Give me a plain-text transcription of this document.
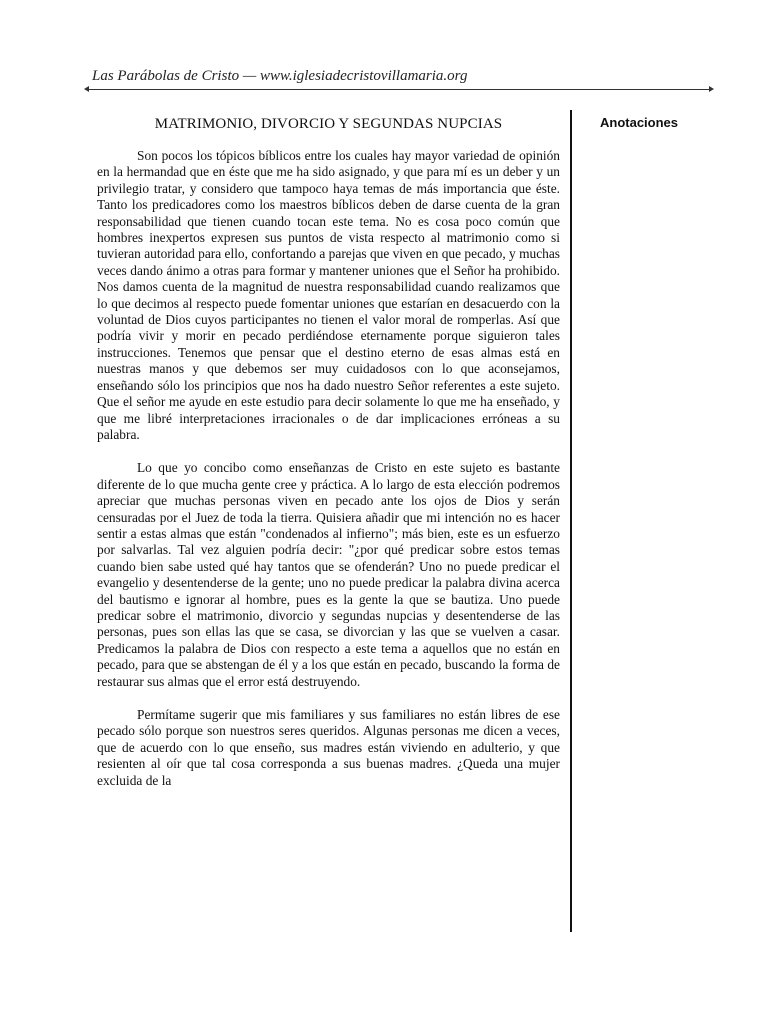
Las Parábolas de Cristo — www.iglesiadecristovillamaria.org
MATRIMONIO, DIVORCIO Y SEGUNDAS NUPCIAS

Son pocos los tópicos bíblicos entre los cuales hay mayor variedad de opinión en la hermandad que en éste que me ha sido asignado, y que para mí es un deber y un privilegio tratar, y considero que tampoco haya temas de más importancia que éste. Tanto los predicadores como los maestros bíblicos deben de darse cuenta de la gran responsabilidad que tienen cuando tocan este tema. No es cosa poco común que hombres inexpertos expresen sus puntos de vista respecto al matrimonio como si tuvieran autoridad para ello, confortando a parejas que viven en que pecado, y muchas veces dando ánimo a otras para formar y mantener uniones que el Señor ha prohibido. Nos damos cuenta de la magnitud de nuestra responsabilidad cuando realizamos que lo que decimos al respecto puede fomentar uniones que estarían en desacuerdo con la voluntad de Dios cuyos participantes no tienen el valor moral de romperlas. Así que podría vivir y morir en pecado perdiéndose eternamente porque siguieron tales instrucciones. Tenemos que pensar que el destino eterno de esas almas está en nuestras manos y que debemos ser muy cuidadosos con lo que aconsejamos, enseñando sólo los principios que nos ha dado nuestro Señor referentes a este sujeto. Que el señor me ayude en este estudio para decir solamente lo que me ha enseñado, y que me libré interpretaciones irracionales o de dar implicaciones erróneas a su palabra.

Lo que yo concibo como enseñanzas de Cristo en este sujeto es bastante diferente de lo que mucha gente cree y práctica. A lo largo de esta elección podremos apreciar que muchas personas viven en pecado ante los ojos de Dios y serán censuradas por el Juez de toda la tierra. Quisiera añadir que mi intención no es hacer sentir a estas almas que están "condenados al infierno"; más bien, este es un esfuerzo por salvarlas. Tal vez alguien podría decir: "¿por qué predicar sobre estos temas cuando bien sabe usted qué hay tantos que se ofenderán? Uno no puede predicar el evangelio y desentenderse de la gente; uno no puede predicar la palabra divina acerca del bautismo e ignorar al hombre, pues es la gente la que se bautiza. Uno puede predicar sobre el matrimonio, divorcio y segundas nupcias y desentenderse de las personas, pues son ellas las que se casa, se divorcian y las que se vuelven a casar. Predicamos la palabra de Dios con respecto a este tema a aquellos que no están en pecado, para que se abstengan de él y a los que están en pecado, buscando la forma de restaurar sus almas que el error está destruyendo.

Permítame sugerir que mis familiares y sus familiares no están libres de ese pecado sólo porque son nuestros seres queridos. Algunas personas me dicen a veces, que de acuerdo con lo que enseño, sus madres están viviendo en adulterio, y que resienten al oír que tal cosa corresponda a sus buenas madres. ¿Queda una mujer excluida de la

Anotaciones
